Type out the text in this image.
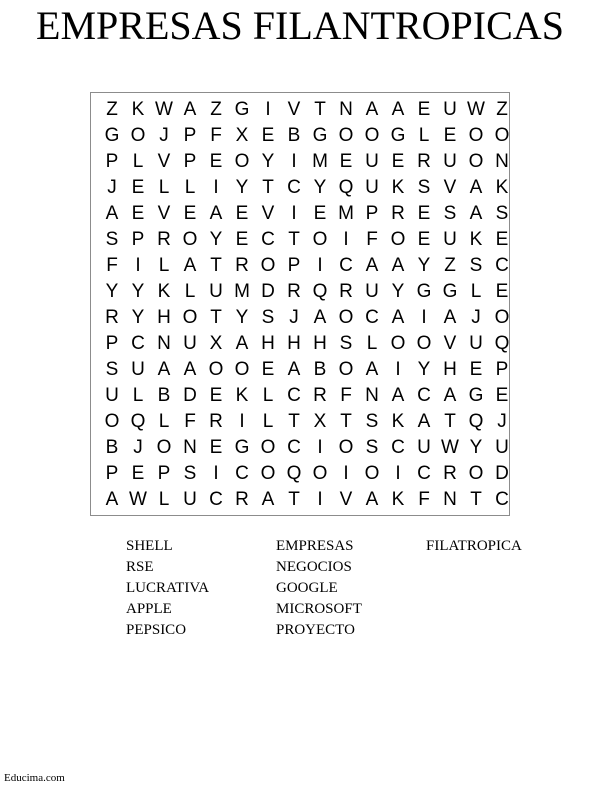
EMPRESAS FILANTROPICAS
Z K W A Z G I V T N A A E U W Z
G O J P F X E B G O O G L E O O
P L V P E O Y I M E U E R U O N
J E L L I Y T C Y Q U K S V A K
A E V E A E V I E M P R E S A S
S P R O Y E C T O I F O E U K E
F I L A T R O P I C A A Y Z S C
Y Y K L U M D R Q R U Y G G L E
R Y H O T Y S J A O C A I A J O
P C N U X A H H H S L O O V U Q
S U A A O O E A B O A I Y H E P
U L B D E K L C R F N A C A G E
O Q L F R I L T X T S K A T Q J
B J O N E G O C I O S C U W Y U
P E P S I C O Q O I O I C R O D
A W L U C R A T I V A K F N T C
SHELL
RSE
LUCRATIVA
APPLE
PEPSICO
EMPRESAS
NEGOCIOS
GOOGLE
MICROSOFT
PROYECTO
FILATROPICA
Educima.com
